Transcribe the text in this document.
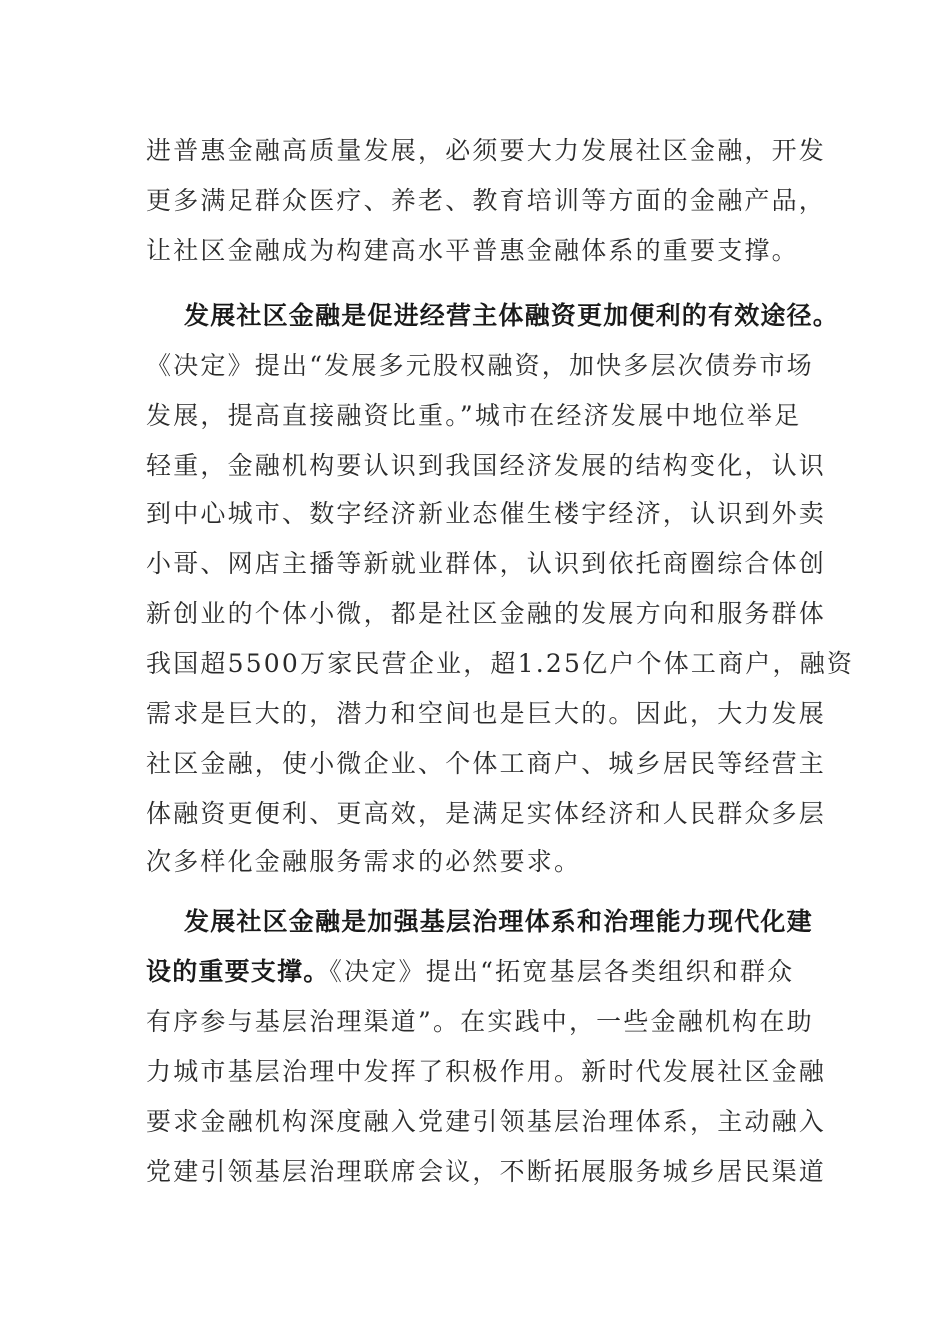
进普惠金融高质量发展，必须要大力发展社区金融，开发
更多满足群众医疗、养老、教育培训等方面的金融产品，
让社区金融成为构建高水平普惠金融体系的重要支撑。
发展社区金融是促进经营主体融资更加便利的有效途径。
《决定》提出“发展多元股权融资，加快多层次债券市场
发展，提高直接融资比重。”城市在经济发展中地位举足
轻重，金融机构要认识到我国经济发展的结构变化，认识
到中心城市、数字经济新业态催生楼宇经济，认识到外卖
小哥、网店主播等新就业群体，认识到依托商圈综合体创
新创业的个体小微，都是社区金融的发展方向和服务群体
我国超5500万家民营企业，超1.25亿户个体工商户，融资
需求是巨大的，潜力和空间也是巨大的。因此，大力发展
社区金融，使小微企业、个体工商户、城乡居民等经营主
体融资更便利、更高效，是满足实体经济和人民群众多层
次多样化金融服务需求的必然要求。
发展社区金融是加强基层治理体系和治理能力现代化建
设的重要支撑。《决定》提出“拓宽基层各类组织和群众
有序参与基层治理渠道”。在实践中，一些金融机构在助
力城市基层治理中发挥了积极作用。新时代发展社区金融
要求金融机构深度融入党建引领基层治理体系，主动融入
党建引领基层治理联席会议，不断拓展服务城乡居民渠道
